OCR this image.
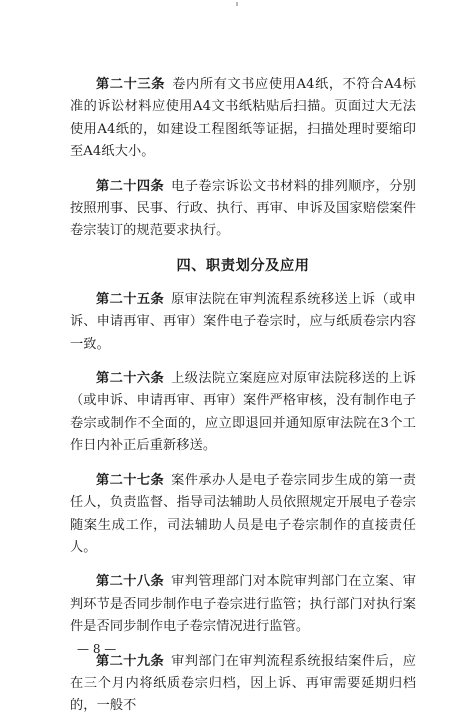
第二十三条  卷内所有文书应使用A4纸，不符合A4标准的诉讼材料应使用A4文书纸粘贴后扫描。页面过大无法使用A4纸的，如建设工程图纸等证据，扫描处理时要缩印至A4纸大小。

第二十四条  电子卷宗诉讼文书材料的排列顺序，分别按照刑事、民事、行政、执行、再审、申诉及国家赔偿案件卷宗装订的规范要求执行。

四、职责划分及应用

第二十五条  原审法院在审判流程系统移送上诉（或申诉、申请再审、再审）案件电子卷宗时，应与纸质卷宗内容一致。

第二十六条  上级法院立案庭应对原审法院移送的上诉（或申诉、申请再审、再审）案件严格审核，没有制作电子卷宗或制作不全面的，应立即退回并通知原审法院在3个工作日内补正后重新移送。

第二十七条  案件承办人是电子卷宗同步生成的第一责任人，负责监督、指导司法辅助人员依照规定开展电子卷宗随案生成工作，司法辅助人员是电子卷宗制作的直接责任人。

第二十八条  审判管理部门对本院审判部门在立案、审判环节是否同步制作电子卷宗进行监管；执行部门对执行案件是否同步制作电子卷宗情况进行监管。

第二十九条  审判部门在审判流程系统报结案件后，应在三个月内将纸质卷宗归档，因上诉、再审需要延期归档的，一般不

— 8 —
